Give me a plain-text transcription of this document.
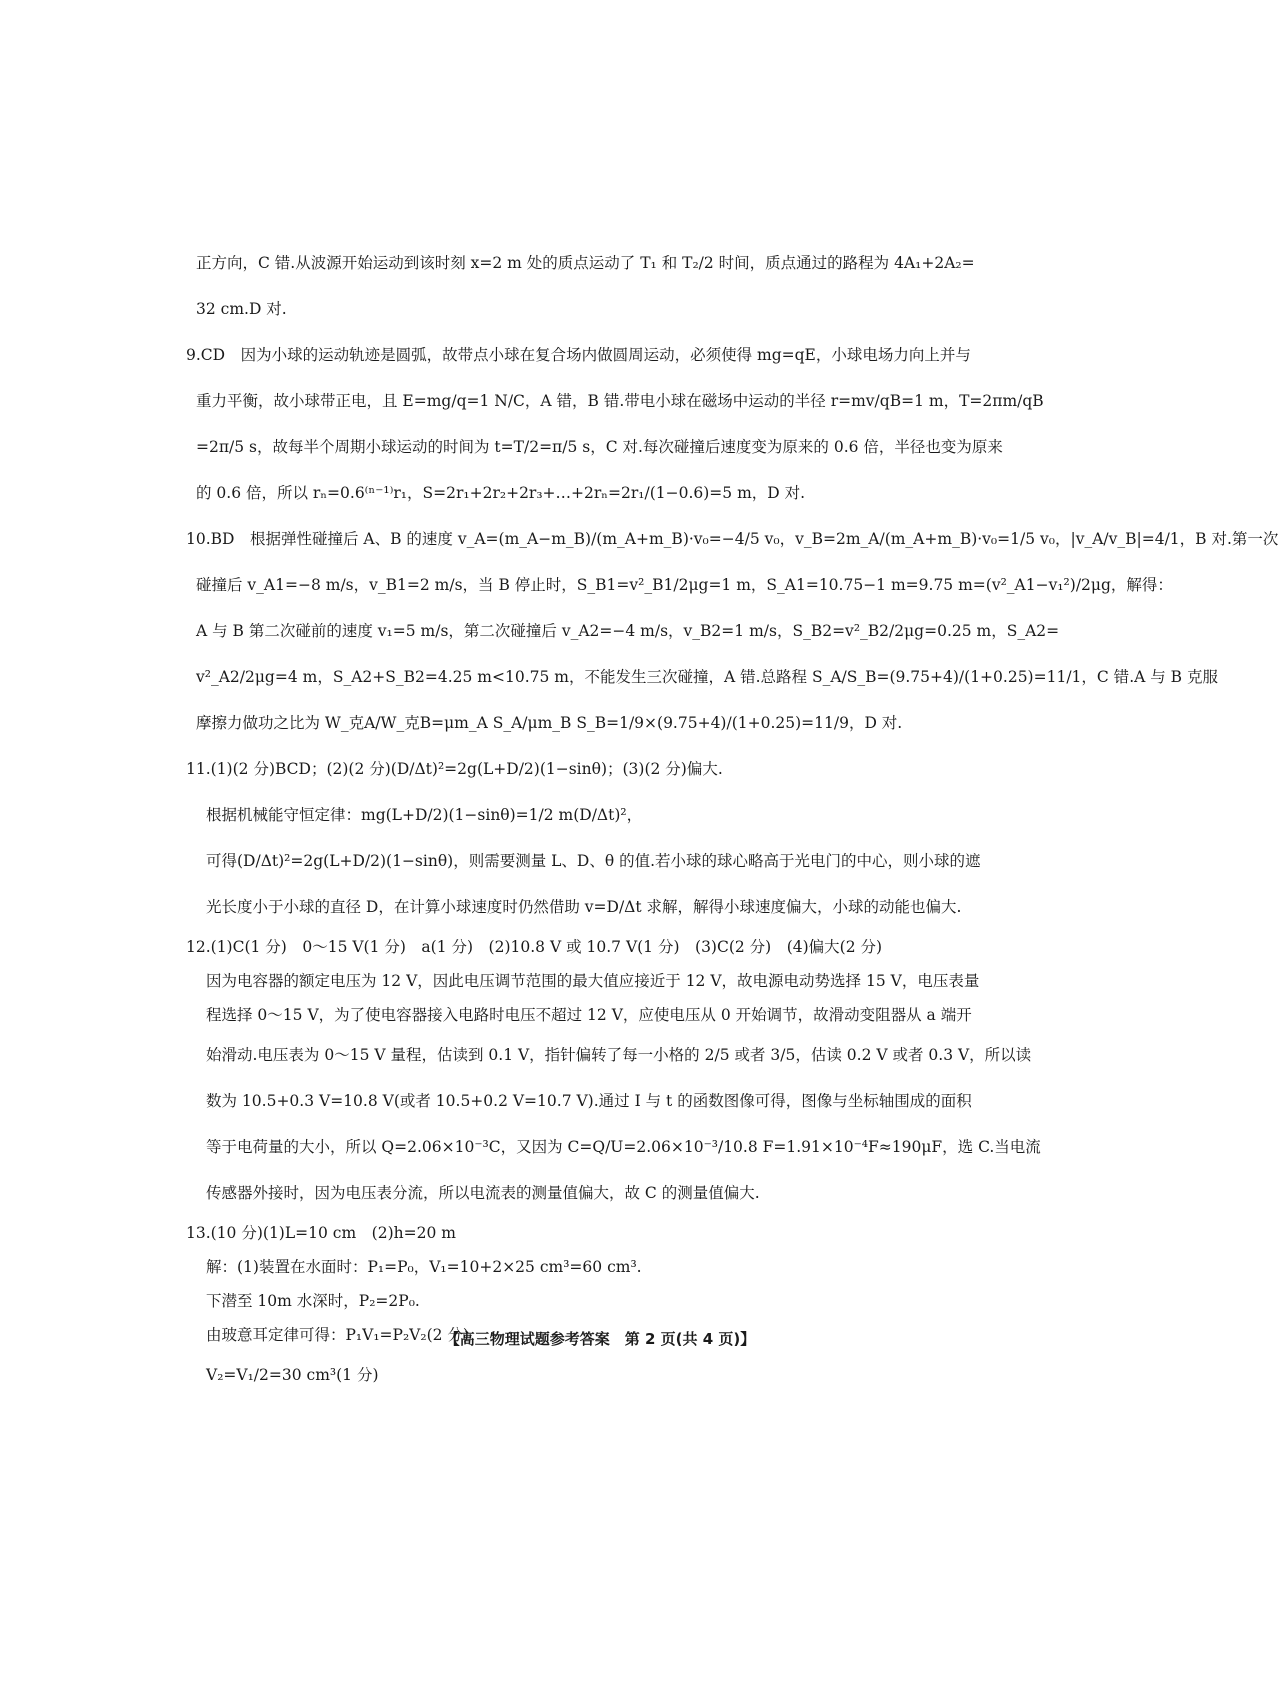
正方向，C 错.从波源开始运动到该时刻 x=2 m 处的质点运动了 T₁ 和 T₂/2 时间，质点通过的路程为 4A₁+2A₂=
32 cm.D 对.
9.CD　因为小球的运动轨迹是圆弧，故带点小球在复合场内做圆周运动，必须使得 mg=qE，小球电场力向上并与
重力平衡，故小球带正电，且 E=mg/q=1 N/C，A 错，B 错.带电小球在磁场中运动的半径 r=mv/qB=1 m，T=2πm/qB
=2π/5 s，故每半个周期小球运动的时间为 t=T/2=π/5 s，C 对.每次碰撞后速度变为原来的 0.6 倍，半径也变为原来
的 0.6 倍，所以 rₙ=0.6⁽ⁿ⁻¹⁾r₁，S=2r₁+2r₂+2r₃+…+2rₙ=2r₁/(1−0.6)=5 m，D 对.
10.BD　根据弹性碰撞后 A、B 的速度 v_A=(m_A−m_B)/(m_A+m_B)·v₀=−4/5 v₀，v_B=2m_A/(m_A+m_B)·v₀=1/5 v₀，|v_A/v_B|=4/1，B 对.第一次
碰撞后 v_A1=−8 m/s，v_B1=2 m/s，当 B 停止时，S_B1=v²_B1/2μg=1 m，S_A1=10.75−1 m=9.75 m=(v²_A1−v₁²)/2μg，解得：
A 与 B 第二次碰前的速度 v₁=5 m/s，第二次碰撞后 v_A2=−4 m/s，v_B2=1 m/s，S_B2=v²_B2/2μg=0.25 m，S_A2=
v²_A2/2μg=4 m，S_A2+S_B2=4.25 m<10.75 m，不能发生三次碰撞，A 错.总路程 S_A/S_B=(9.75+4)/(1+0.25)=11/1，C 错.A 与 B 克服
摩擦力做功之比为 W_克A/W_克B=μm_A S_A/μm_B S_B=1/9×(9.75+4)/(1+0.25)=11/9，D 对.
11.(1)(2 分)BCD；(2)(2 分)(D/Δt)²=2g(L+D/2)(1−sinθ)；(3)(2 分)偏大.
根据机械能守恒定律：mg(L+D/2)(1−sinθ)=1/2 m(D/Δt)²，
可得(D/Δt)²=2g(L+D/2)(1−sinθ)，则需要测量 L、D、θ 的值.若小球的球心略高于光电门的中心，则小球的遮
光长度小于小球的直径 D，在计算小球速度时仍然借助 v=D/Δt 求解，解得小球速度偏大，小球的动能也偏大.
12.(1)C(1 分)　0～15 V(1 分)　a(1 分)　(2)10.8 V 或 10.7 V(1 分)　(3)C(2 分)　(4)偏大(2 分)
因为电容器的额定电压为 12 V，因此电压调节范围的最大值应接近于 12 V，故电源电动势选择 15 V，电压表量
程选择 0～15 V，为了使电容器接入电路时电压不超过 12 V，应使电压从 0 开始调节，故滑动变阻器从 a 端开
始滑动.电压表为 0～15 V 量程，估读到 0.1 V，指针偏转了每一小格的 2/5 或者 3/5，估读 0.2 V 或者 0.3 V，所以读
数为 10.5+0.3 V=10.8 V(或者 10.5+0.2 V=10.7 V).通过 I 与 t 的函数图像可得，图像与坐标轴围成的面积
等于电荷量的大小，所以 Q=2.06×10⁻³C，又因为 C=Q/U=2.06×10⁻³/10.8 F=1.91×10⁻⁴F≈190μF，选 C.当电流
传感器外接时，因为电压表分流，所以电流表的测量值偏大，故 C 的测量值偏大.
13.(10 分)(1)L=10 cm　(2)h=20 m
解：(1)装置在水面时：P₁=P₀，V₁=10+2×25 cm³=60 cm³.
下潜至 10m 水深时，P₂=2P₀.
由玻意耳定律可得：P₁V₁=P₂V₂(2 分)
V₂=V₁/2=30 cm³(1 分)
【高三物理试题参考答案　第 2 页(共 4 页)】
